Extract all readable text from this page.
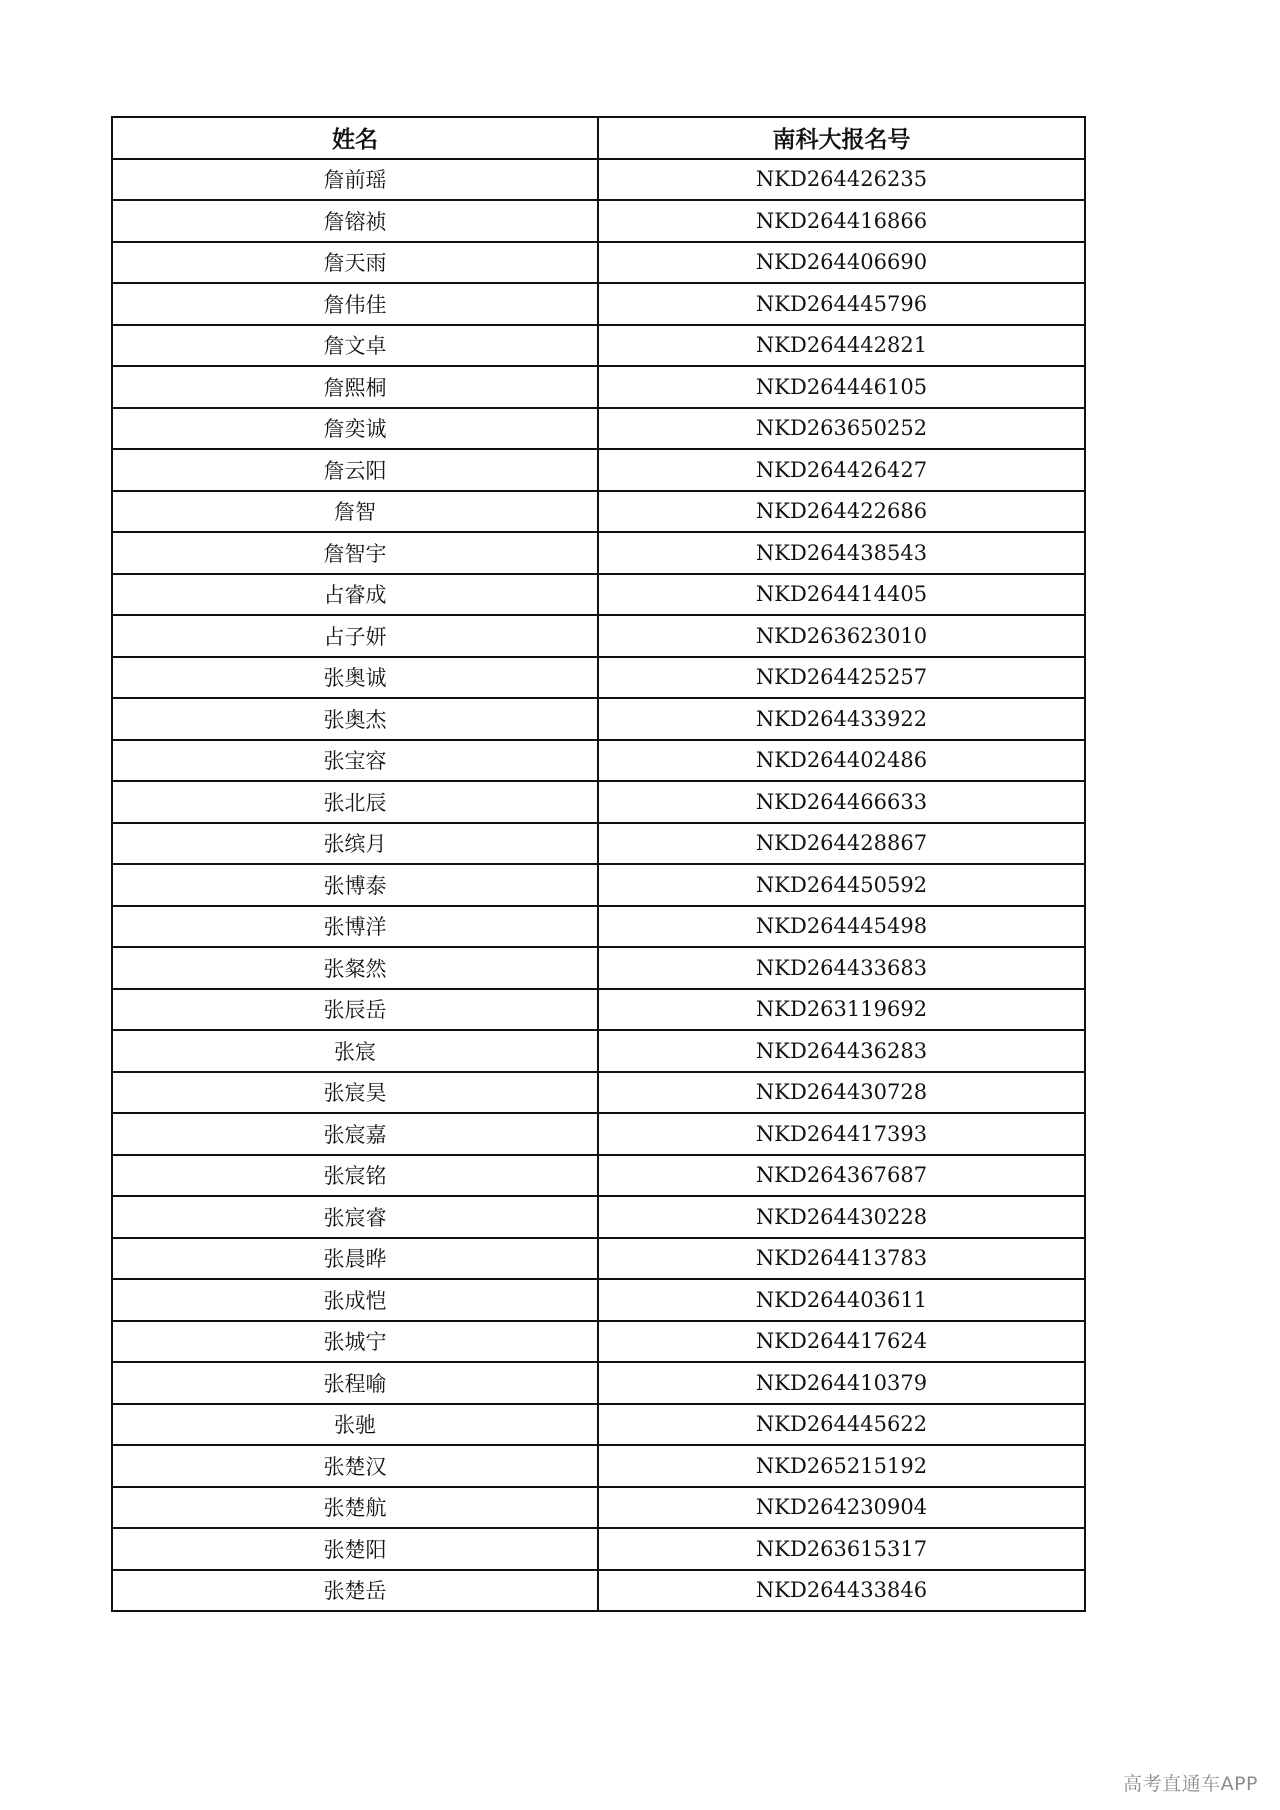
姓名	南科大报名号
詹前瑶	NKD264426235
詹镕祯	NKD264416866
詹天雨	NKD264406690
詹伟佳	NKD264445796
詹文卓	NKD264442821
詹熙桐	NKD264446105
詹奕诚	NKD263650252
詹云阳	NKD264426427
詹智	NKD264422686
詹智宇	NKD264438543
占睿成	NKD264414405
占子妍	NKD263623010
张奥诚	NKD264425257
张奥杰	NKD264433922
张宝容	NKD264402486
张北辰	NKD264466633
张缤月	NKD264428867
张博泰	NKD264450592
张博洋	NKD264445498
张粲然	NKD264433683
张辰岳	NKD263119692
张宸	NKD264436283
张宸昊	NKD264430728
张宸嘉	NKD264417393
张宸铭	NKD264367687
张宸睿	NKD264430228
张晨晔	NKD264413783
张成恺	NKD264403611
张城宁	NKD264417624
张程喻	NKD264410379
张驰	NKD264445622
张楚汉	NKD265215192
张楚航	NKD264230904
张楚阳	NKD263615317
张楚岳	NKD264433846
高考直通车APP
